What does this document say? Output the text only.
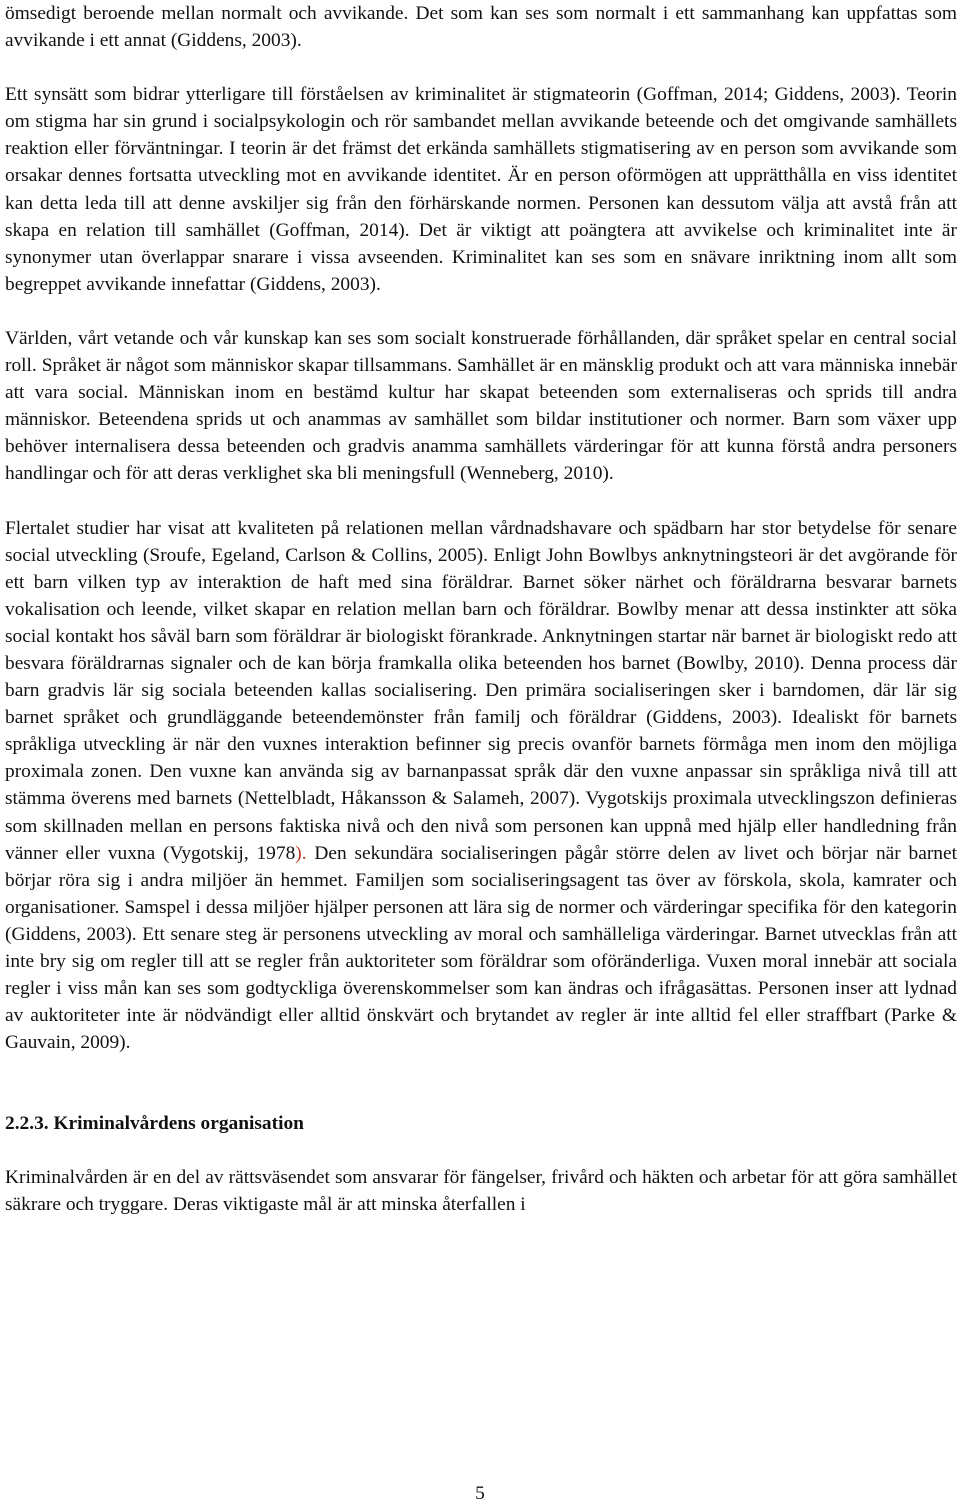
ömsedigt beroende mellan normalt och avvikande. Det som kan ses som normalt i ett sammanhang kan uppfattas som avvikande i ett annat (Giddens, 2003).

Ett synsätt som bidrar ytterligare till förståelsen av kriminalitet är stigmateorin (Goffman, 2014; Giddens, 2003). Teorin om stigma har sin grund i socialpsykologin och rör sambandet mellan avvikande beteende och det omgivande samhällets reaktion eller förväntningar. I teorin är det främst det erkända samhällets stigmatisering av en person som avvikande som orsakar dennes fortsatta utveckling mot en avvikande identitet. Är en person oförmögen att upprätthålla en viss identitet kan detta leda till att denne avskiljer sig från den förhärskande normen. Personen kan dessutom välja att avstå från att skapa en relation till samhället (Goffman, 2014). Det är viktigt att poängtera att avvikelse och kriminalitet inte är synonymer utan överlappar snarare i vissa avseenden. Kriminalitet kan ses som en snävare inriktning inom allt som begreppet avvikande innefattar (Giddens, 2003).

Världen, vårt vetande och vår kunskap kan ses som socialt konstruerade förhållanden, där språket spelar en central social roll. Språket är något som människor skapar tillsammans. Samhället är en mänsklig produkt och att vara människa innebär att vara social. Människan inom en bestämd kultur har skapat beteenden som externaliseras och sprids till andra människor. Beteendena sprids ut och anammas av samhället som bildar institutioner och normer. Barn som växer upp behöver internalisera dessa beteenden och gradvis anamma samhällets värderingar för att kunna förstå andra personers handlingar och för att deras verklighet ska bli meningsfull (Wenneberg, 2010).

Flertalet studier har visat att kvaliteten på relationen mellan vårdnadshavare och spädbarn har stor betydelse för senare social utveckling (Sroufe, Egeland, Carlson & Collins, 2005). Enligt John Bowlbys anknytningsteori är det avgörande för ett barn vilken typ av interaktion de haft med sina föräldrar. Barnet söker närhet och föräldrarna besvarar barnets vokalisation och leende, vilket skapar en relation mellan barn och föräldrar. Bowlby menar att dessa instinkter att söka social kontakt hos såväl barn som föräldrar är biologiskt förankrade. Anknytningen startar när barnet är biologiskt redo att besvara föräldrarnas signaler och de kan börja framkalla olika beteenden hos barnet (Bowlby, 2010). Denna process där barn gradvis lär sig sociala beteenden kallas socialisering. Den primära socialiseringen sker i barndomen, där lär sig barnet språket och grundläggande beteendemönster från familj och föräldrar (Giddens, 2003). Idealiskt för barnets språkliga utveckling är när den vuxnes interaktion befinner sig precis ovanför barnets förmåga men inom den möjliga proximala zonen. Den vuxne kan använda sig av barnanpassat språk där den vuxne anpassar sin språkliga nivå till att stämma överens med barnets (Nettelbladt, Håkansson & Salameh, 2007). Vygotskijs proximala utvecklingszon definieras som skillnaden mellan en persons faktiska nivå och den nivå som personen kan uppnå med hjälp eller handledning från vänner eller vuxna (Vygotskij, 1978). Den sekundära socialiseringen pågår större delen av livet och börjar när barnet börjar röra sig i andra miljöer än hemmet. Familjen som socialiseringsagent tas över av förskola, skola, kamrater och organisationer. Samspel i dessa miljöer hjälper personen att lära sig de normer och värderingar specifika för den kategorin (Giddens, 2003). Ett senare steg är personens utveckling av moral och samhälleliga värderingar. Barnet utvecklas från att inte bry sig om regler till att se regler från auktoriteter som föräldrar som oföränderliga. Vuxen moral innebär att sociala regler i viss mån kan ses som godtyckliga överenskommelser som kan ändras och ifrågasättas. Personen inser att lydnad av auktoriteter inte är nödvändigt eller alltid önskvärt och brytandet av regler är inte alltid fel eller straffbart (Parke & Gauvain, 2009).

2.2.3. Kriminalvårdens organisation

Kriminalvården är en del av rättsväsendet som ansvarar för fängelser, frivård och häkten och arbetar för att göra samhället säkrare och tryggare. Deras viktigaste mål är att minska återfallen i

5
